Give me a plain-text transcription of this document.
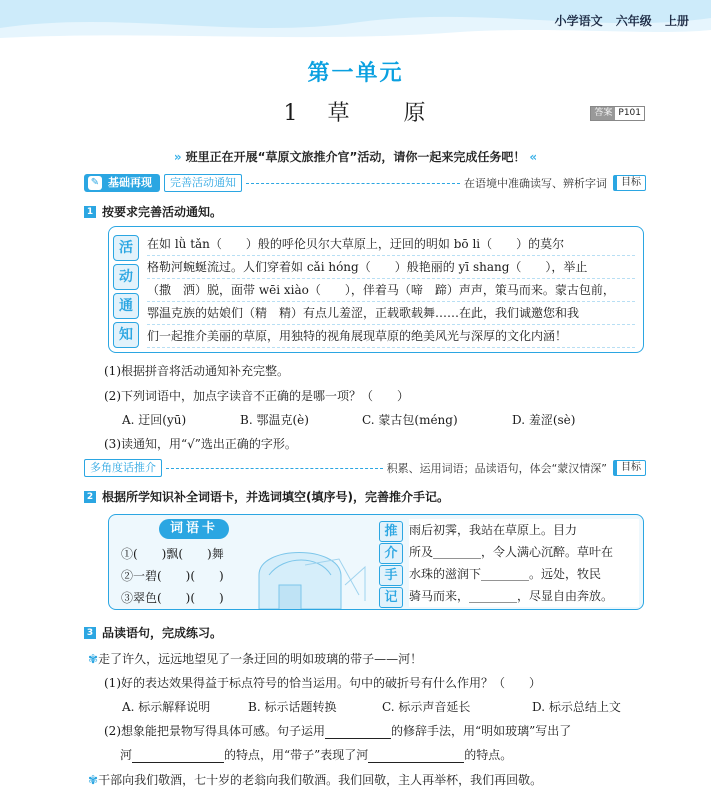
小学语文 六年级 上册
第一单元
1 草 原	答案 P101
» 班里正在开展“草原文旅推介官”活动，请你一起来完成任务吧！ «
✎ 基础再现	完善活动通知	在语境中准确读写、辨析字词	目标
1 按要求完善活动通知。
活
动
通
知

在如 lǜ tǎn（　　）般的呼伦贝尔大草原上，迂回的明如 bō li（　　）的莫尔

格勒河蜿蜒流过。人们穿着如 cǎi hóng（　　）般艳丽的 yī shang（　　），举止

（撒　洒）脱，面带 wēi xiào（　　），伴着马（啼　蹄）声声，策马而来。蒙古包前，

鄂温克族的姑娘们（精　精）有点儿羞涩，正载歌载舞……在此，我们诚邀您和我

们一起推介美丽的草原，用独特的视角展现草原的绝美风光与深厚的文化内涵！

(1)根据拼音将活动通知补充完整。
(2)下列词语中，加点字读音不正确的是哪一项？（　　）
A. 迂回(yū)	B. 鄂温克(è)	C. 蒙古包(méng)	D. 羞涩(sè)
(3)读通知，用“√”选出正确的字形。
多角度话推介	积累、运用词语；品读语句，体会“蒙汉情深”	目标
2 根据所学知识补全词语卡，并选词填空(填序号)，完善推介手记。
词语卡
①(　　)飘(　　)舞
②一碧(　　)(　　)
③翠色(　　)(　　)
推
介
手
记

雨后初霁，我站在草原上。目力

所及________，令人满心沉醉。草叶在

水珠的滋润下________。远处，牧民

骑马而来，________，尽显自由奔放。

3 品读语句，完成练习。
✾走了许久，远远地望见了一条迂回的明如玻璃的带子——河！
(1)好的表达效果得益于标点符号的恰当运用。句中的破折号有什么作用？（　　）
A. 标示解释说明	B. 标示话题转换	C. 标示声音延长	D. 标示总结上文
(2)想象能把景物写得具体可感。句子运用	的修辞手法，用“明如玻璃”写出了
河	的特点，用“带子”表现了河	的特点。
✾干部向我们敬酒，七十岁的老翁向我们敬酒。我们回敬，主人再举杯，我们再回敬。
